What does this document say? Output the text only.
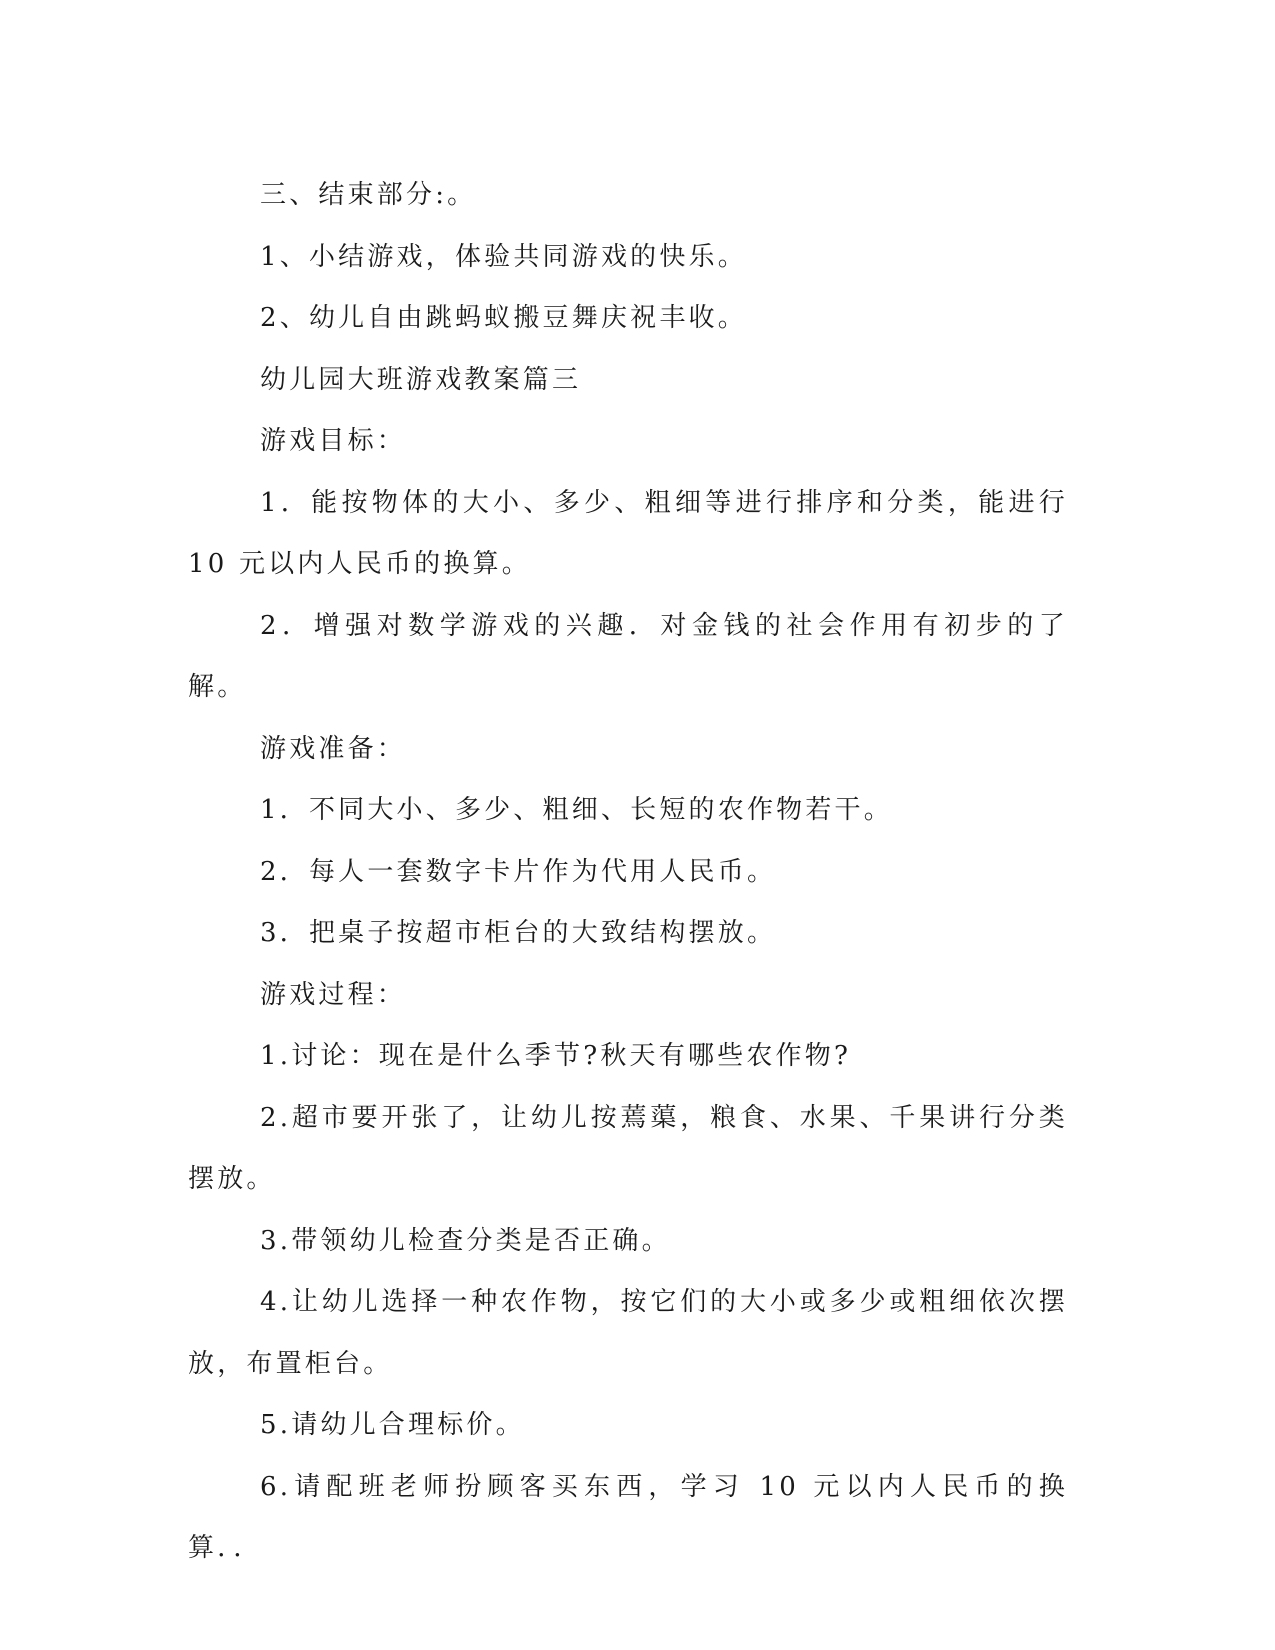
三、结束部分:。

1、小结游戏，体验共同游戏的快乐。

2、幼儿自由跳蚂蚁搬豆舞庆祝丰收。

幼儿园大班游戏教案篇三

游戏目标：

1．能按物体的大小、多少、粗细等进行排序和分类，能进行 10 元以内人民币的换算。

2．增强对数学游戏的兴趣．对金钱的社会作用有初步的了解。

游戏准备：

1．不同大小、多少、粗细、长短的农作物若干。

2．每人一套数字卡片作为代用人民币。

3．把桌子按超市柜台的大致结构摆放。

游戏过程：

1.讨论：现在是什么季节?秋天有哪些农作物?

2.超市要开张了，让幼儿按蔫蕖，粮食、水果、千果讲行分类摆放。

3.带领幼儿检查分类是否正确。

4.让幼儿选择一种农作物，按它们的大小或多少或粗细依次摆放，布置柜台。

5.请幼儿合理标价。

6.请配班老师扮顾客买东西，学习 10 元以内人民币的换算．．
